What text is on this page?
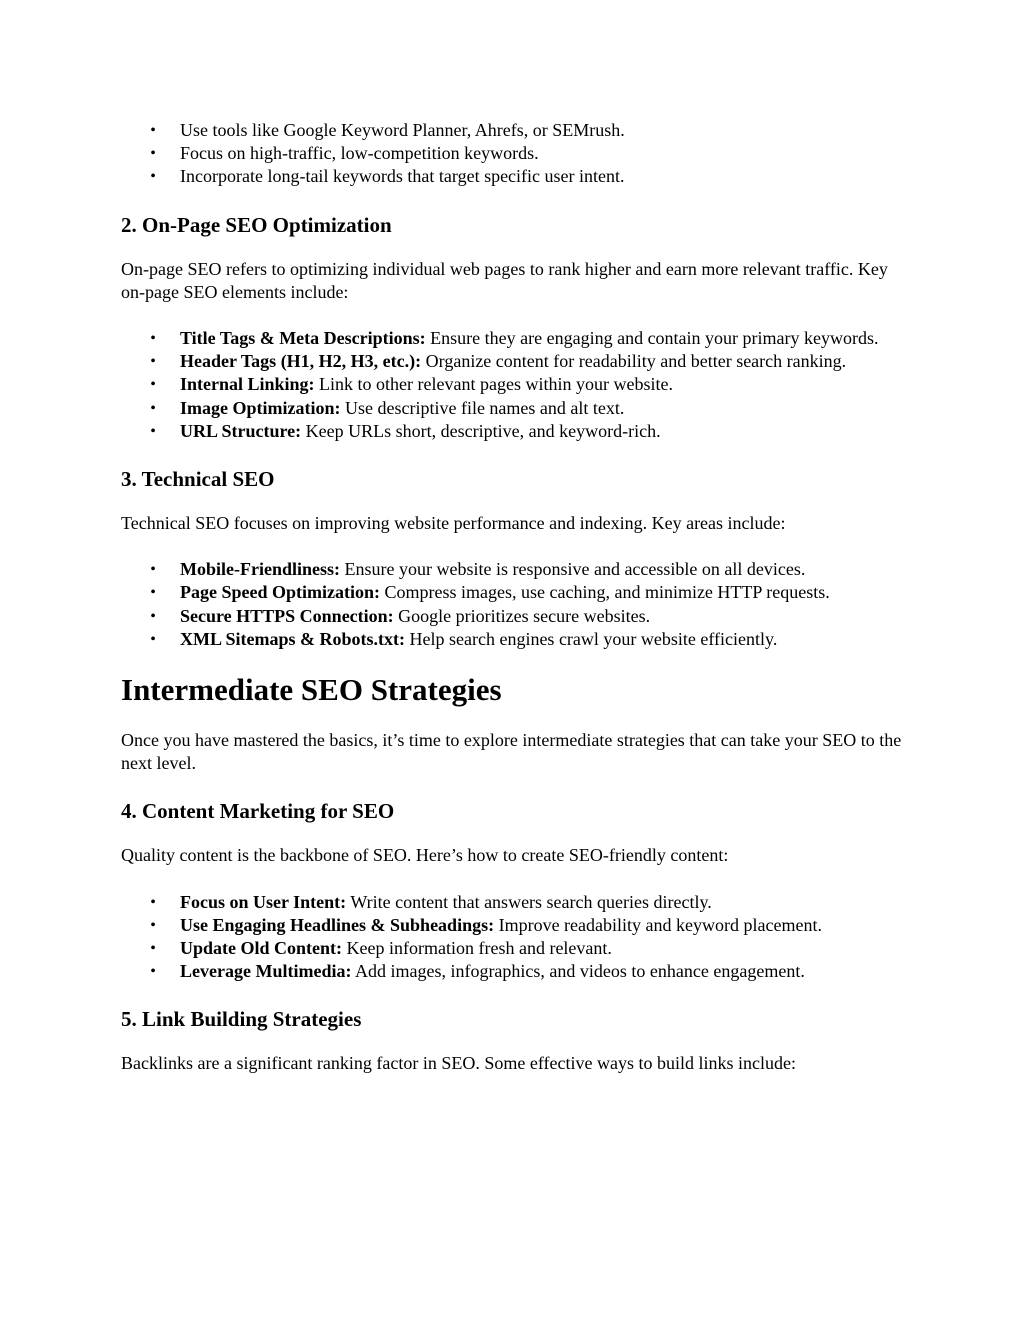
• Use tools like Google Keyword Planner, Ahrefs, or SEMrush.
• Focus on high-traffic, low-competition keywords.
• Incorporate long-tail keywords that target specific user intent.
2. On-Page SEO Optimization

On-page SEO refers to optimizing individual web pages to rank higher and earn more relevant traffic. Key on-page SEO elements include:

• Title Tags & Meta Descriptions: Ensure they are engaging and contain your primary keywords.
• Header Tags (H1, H2, H3, etc.): Organize content for readability and better search ranking.
• Internal Linking: Link to other relevant pages within your website.
• Image Optimization: Use descriptive file names and alt text.
• URL Structure: Keep URLs short, descriptive, and keyword-rich.
3. Technical SEO

Technical SEO focuses on improving website performance and indexing. Key areas include:

• Mobile-Friendliness: Ensure your website is responsive and accessible on all devices.
• Page Speed Optimization: Compress images, use caching, and minimize HTTP requests.
• Secure HTTPS Connection: Google prioritizes secure websites.
• XML Sitemaps & Robots.txt: Help search engines crawl your website efficiently.
Intermediate SEO Strategies

Once you have mastered the basics, it’s time to explore intermediate strategies that can take your SEO to the next level.

4. Content Marketing for SEO

Quality content is the backbone of SEO. Here’s how to create SEO-friendly content:

• Focus on User Intent: Write content that answers search queries directly.
• Use Engaging Headlines & Subheadings: Improve readability and keyword placement.
• Update Old Content: Keep information fresh and relevant.
• Leverage Multimedia: Add images, infographics, and videos to enhance engagement.
5. Link Building Strategies

Backlinks are a significant ranking factor in SEO. Some effective ways to build links include:
